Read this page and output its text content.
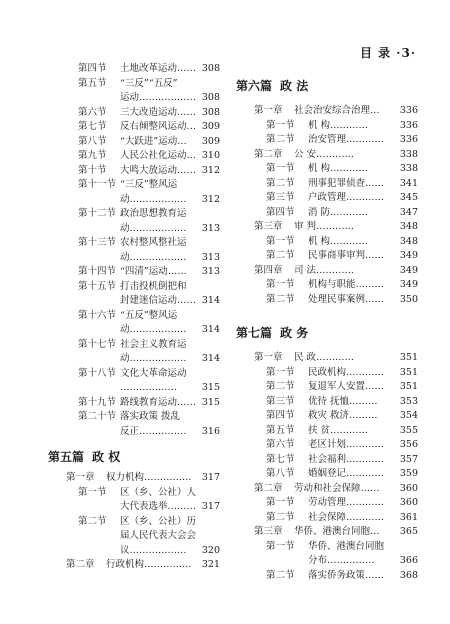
目 录 ·3·
第四节 土地改革运动…… 308
第五节 “三反”“五反”
运动……………… 308
第六节 三大改造运动…… 308
第七节 反右倾整风运动… 309
第八节 “大跃进”运动… 309
第九节 人民公社化运动… 310
第十节 大鸣大放运动…… 312
第十一节 “三反”整风运
动……………… 312
第十二节 政治思想教育运
动……………… 313
第十三节 农村整风整社运
动……………… 313
第十四节 “四清”运动…… 313
第十五节 打击投机倒把和
封建迷信运动…… 314
第十六节 “五反”整风运
动……………… 314
第十七节 社会主义教育运
动……………… 314
第十八节 文化大革命运动
………………	315
第十九节 路线教育运动…… 315
第二十节 落实政策 拨乱
反正…………… 316
第五篇 政 权
第一章 权力机构…………… 317
第一节 区（乡、公社）人
大代表选举……… 317
第二节 区（乡、公社）历
届人民代表大会会
议……………… 320
第二章 行政机构…………… 321
第六篇 政 法
第一章 社会治安综合治理… 336
第一节 机 构…………	336
第二节 治安管理………… 336
第二章 公 安…………	338
第一节 机 构…………	338
第二节 刑事犯罪侦查…… 341
第三节 户政管理………… 345
第四节 消 防…………	347
第三章 审 判…………	348
第一节 机 构…………	348
第二节 民事商事审判…… 349
第四章 司 法…………	349
第一节 机构与职能……… 349
第二节 处理民事案例…… 350
第七篇 政 务
第一章 民 政…………	351
第一节 民政机构………… 351
第二节 复退军人安置…… 351
第三节 优待 抚恤……… 353
第四节 救灾 救济……… 354
第五节 扶 贫…………	355
第六节 老区计划………… 356
第七节 社会福利………… 357
第八节 婚姻登记………… 359
第二章 劳动和社会保障…… 360
第一节 劳动管理………… 360
第二节 社会保障………… 361
第三章 华侨、港澳台同胞… 365
第一节 华侨、港澳台同胞
分布……………	366
第二节 落实侨务政策…… 368
